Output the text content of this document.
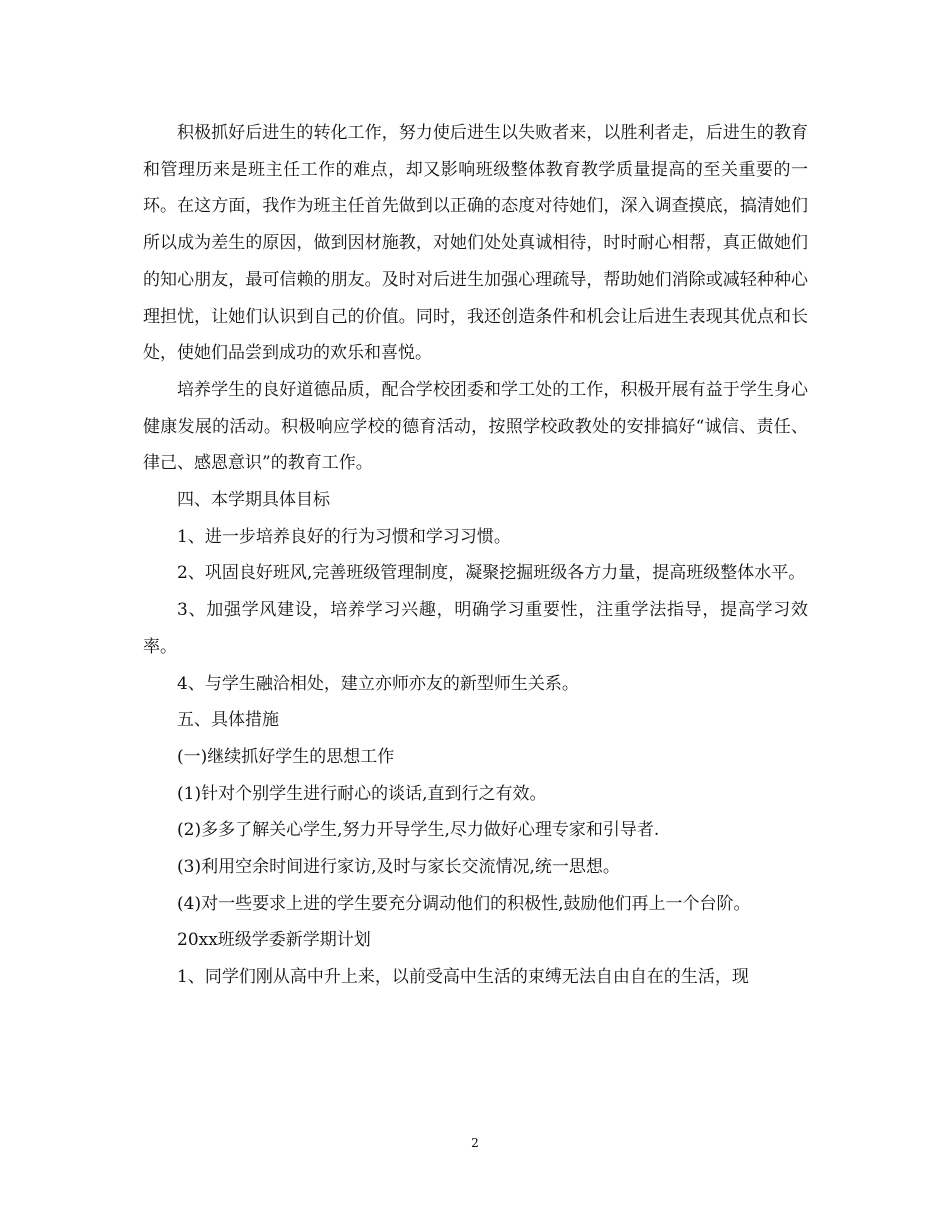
积极抓好后进生的转化工作，努力使后进生以失败者来，以胜利者走，后进生的教育和管理历来是班主任工作的难点，却又影响班级整体教育教学质量提高的至关重要的一环。在这方面，我作为班主任首先做到以正确的态度对待她们，深入调查摸底，搞清她们所以成为差生的原因，做到因材施教，对她们处处真诚相待，时时耐心相帮，真正做她们的知心朋友，最可信赖的朋友。及时对后进生加强心理疏导，帮助她们消除或减轻种种心理担忧，让她们认识到自己的价值。同时，我还创造条件和机会让后进生表现其优点和长处，使她们品尝到成功的欢乐和喜悦。

培养学生的良好道德品质，配合学校团委和学工处的工作，积极开展有益于学生身心健康发展的活动。积极响应学校的德育活动，按照学校政教处的安排搞好“诚信、责任、律己、感恩意识”的教育工作。

四、本学期具体目标

1、进一步培养良好的行为习惯和学习习惯。

2、巩固良好班风,完善班级管理制度，凝聚挖掘班级各方力量，提高班级整体水平。

3、加强学风建设，培养学习兴趣，明确学习重要性，注重学法指导，提高学习效率。

4、与学生融洽相处，建立亦师亦友的新型师生关系。

五、具体措施

(一)继续抓好学生的思想工作

(1)针对个别学生进行耐心的谈话,直到行之有效。

(2)多多了解关心学生,努力开导学生,尽力做好心理专家和引导者.

(3)利用空余时间进行家访,及时与家长交流情况,统一思想。

(4)对一些要求上进的学生要充分调动他们的积极性,鼓励他们再上一个台阶。

20xx班级学委新学期计划

1、同学们刚从高中升上来，以前受高中生活的束缚无法自由自在的生活，现

2
